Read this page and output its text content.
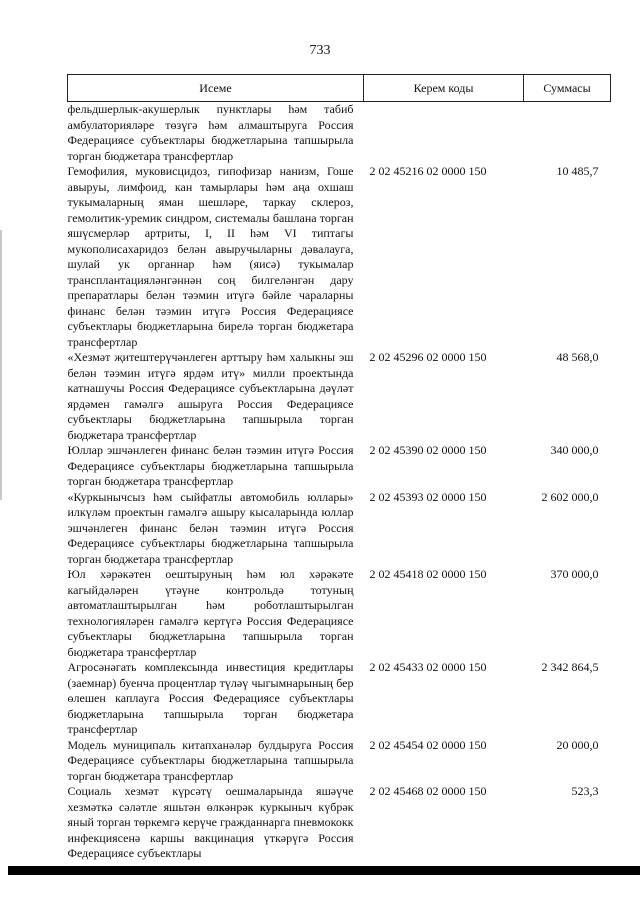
733
Исеме	Керем коды	Суммасы
фельдшерлык-акушерлык пунктлары һәм табиб амбулаторияләре төзүгә һәм алмаштыруга Россия Федерациясе субъектлары бюджетларына тапшырыла торган бюджетара трансфертлар		
Гемофилия, муковисцидоз, гипофизар нанизм, Гоше авыруы, лимфоид, кан тамырлары һәм аңа охшаш тукымаларның яман шешләре, таркау склероз, гемолитик-уремик синдром, системалы башлана торган яшүсмерләр артриты, I, II һәм VI типтагы мукополисахаридоз белән авыручыларны дәвалауга, шулай ук органнар һәм (яисә) тукымалар трансплантацияләнгәннән соң билгеләнгән дару препаратлары белән тәэмин итүгә бәйле чараларны финанс белән тәэмин итүгә Россия Федерациясе субъектлары бюджетларына бирелә торган бюджетара трансфертлар	2 02 45216 02 0000 150	10 485,7
«Хезмәт җитештерүчәнлеген арттыру һәм халыкны эш белән тәэмин итүгә ярдәм итү» милли проектында катнашучы Россия Федерациясе субъектларына дәүләт ярдәмен гамәлгә ашыруга Россия Федерациясе субъектлары бюджетларына тапшырыла торган бюджетара трансфертлар	2 02 45296 02 0000 150	48 568,0
Юллар эшчәнлеген финанс белән тәэмин итүгә Россия Федерациясе субъектлары бюджетларына тапшырыла торган бюджетара трансфертлар	2 02 45390 02 0000 150	340 000,0
«Куркынычсыз һәм сыйфатлы автомобиль юллары» илкүләм проектын гамәлгә ашыру кысаларында юллар эшчәнлеген финанс белән тәэмин итүгә Россия Федерациясе субъектлары бюджетларына тапшырыла торган бюджетара трансфертлар	2 02 45393 02 0000 150	2 602 000,0
Юл хәрәкәтен оештыруның һәм юл хәрәкәте кагыйдәләрен үтәүне контрольдә тотуның автоматлаштырылган һәм роботлаштырылган технологияләрен гамәлгә кертүгә Россия Федерациясе субъектлары бюджетларына тапшырыла торган бюджетара трансфертлар	2 02 45418 02 0000 150	370 000,0
Агросәнәгать комплексында инвестиция кредитлары (заемнар) буенча процентлар түләү чыгымнарының бер өлешен каплауга Россия Федерациясе субъектлары бюджетларына тапшырыла торган бюджетара трансфертлар	2 02 45433 02 0000 150	2 342 864,5
Модель муниципаль китапханәләр булдыруга Россия Федерациясе субъектлары бюджетларына тапшырыла торган бюджетара трансфертлар	2 02 45454 02 0000 150	20 000,0
Социаль хезмәт күрсәтү оешмаларында яшәүче хезмәткә сәләтле яшьтән өлкәнрәк куркыныч күбрәк яный торган төркемгә керүче гражданнарга пневмококк инфекциясенә каршы вакцинация үткәрүгә Россия Федерациясе субъектлары	2 02 45468 02 0000 150	523,3
